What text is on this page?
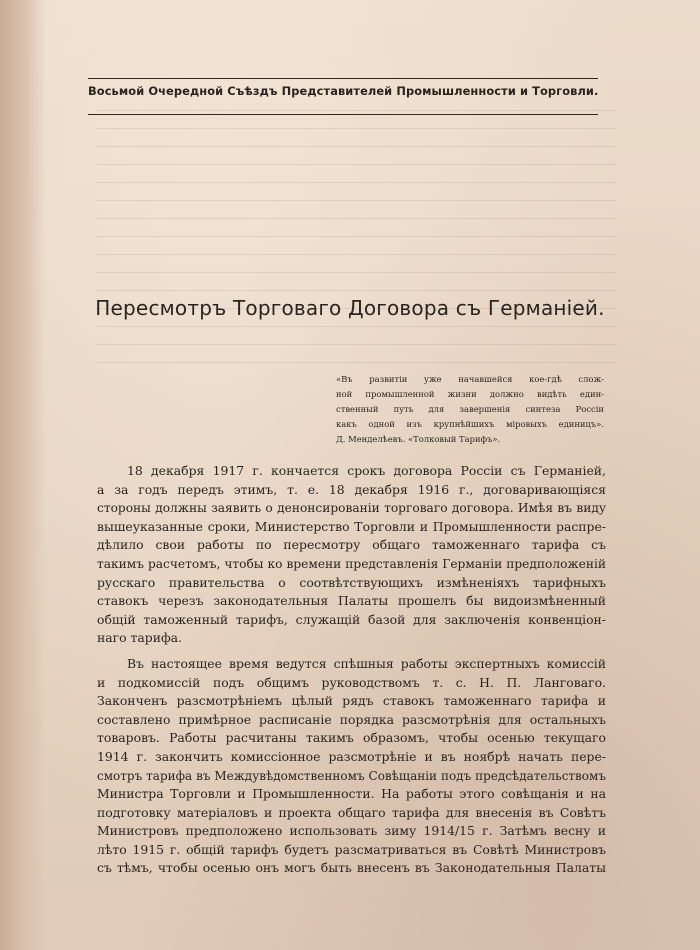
Восьмой Очередной Съѣздъ Представителей Промышленности и Торговли.
Пересмотръ Торговаго Договора съ Германіей.
«Въ развитіи уже начавшейся кое-гдѣ слож-
ной промышленной жизни должно видѣть един-
ственный путь для завершенія синтеза Россіи
какъ одной изъ крупнѣйшихъ міровыхъ единицъ».
Д. Менделѣевъ. «Толковый Тарифъ».
18 декабря 1917 г. кончается срокъ договора Россіи съ Германіей,
а за годъ передъ этимъ, т. е. 18 декабря 1916 г., договаривающіяся
стороны должны заявить о денонсированіи торговаго договора. Имѣя въ виду
вышеуказанные сроки, Министерство Торговли и Промышленности распре-
дѣлило свои работы по пересмотру общаго таможеннаго тарифа съ
такимъ расчетомъ, чтобы ко времени представленія Германіи предположеній
русскаго правительства о соотвѣтствующихъ измѣненіяхъ тарифныхъ
ставокъ черезъ законодательныя Палаты прошелъ бы видоизмѣненный
общій таможенный тарифъ, служащій базой для заключенія конвенціон-
наго тарифа.
Въ настоящее время ведутся спѣшныя работы экспертныхъ комиссій
и подкомиссій подъ общимъ руководствомъ т. с. Н. П. Ланговаго.
Законченъ разсмотрѣніемъ цѣлый рядъ ставокъ таможеннаго тарифа и
составлено примѣрное расписаніе порядка разсмотрѣнія для остальныхъ
товаровъ. Работы расчитаны такимъ образомъ, чтобы осенью текущаго
1914 г. закончить комиссіонное разсмотрѣніе и въ ноябрѣ начать пере-
смотръ тарифа въ Междувѣдомственномъ Совѣщаніи подъ предсѣдательствомъ
Министра Торговли и Промышленности. На работы этого совѣщанія и на
подготовку матеріаловъ и проекта общаго тарифа для внесенія въ Совѣтъ
Министровъ предположено использовать зиму 1914/15 г. Затѣмъ весну и
лѣто 1915 г. общій тарифъ будетъ разсматриваться въ Совѣтѣ Министровъ
съ тѣмъ, чтобы осенью онъ могъ быть внесенъ въ Законодательныя Палаты
